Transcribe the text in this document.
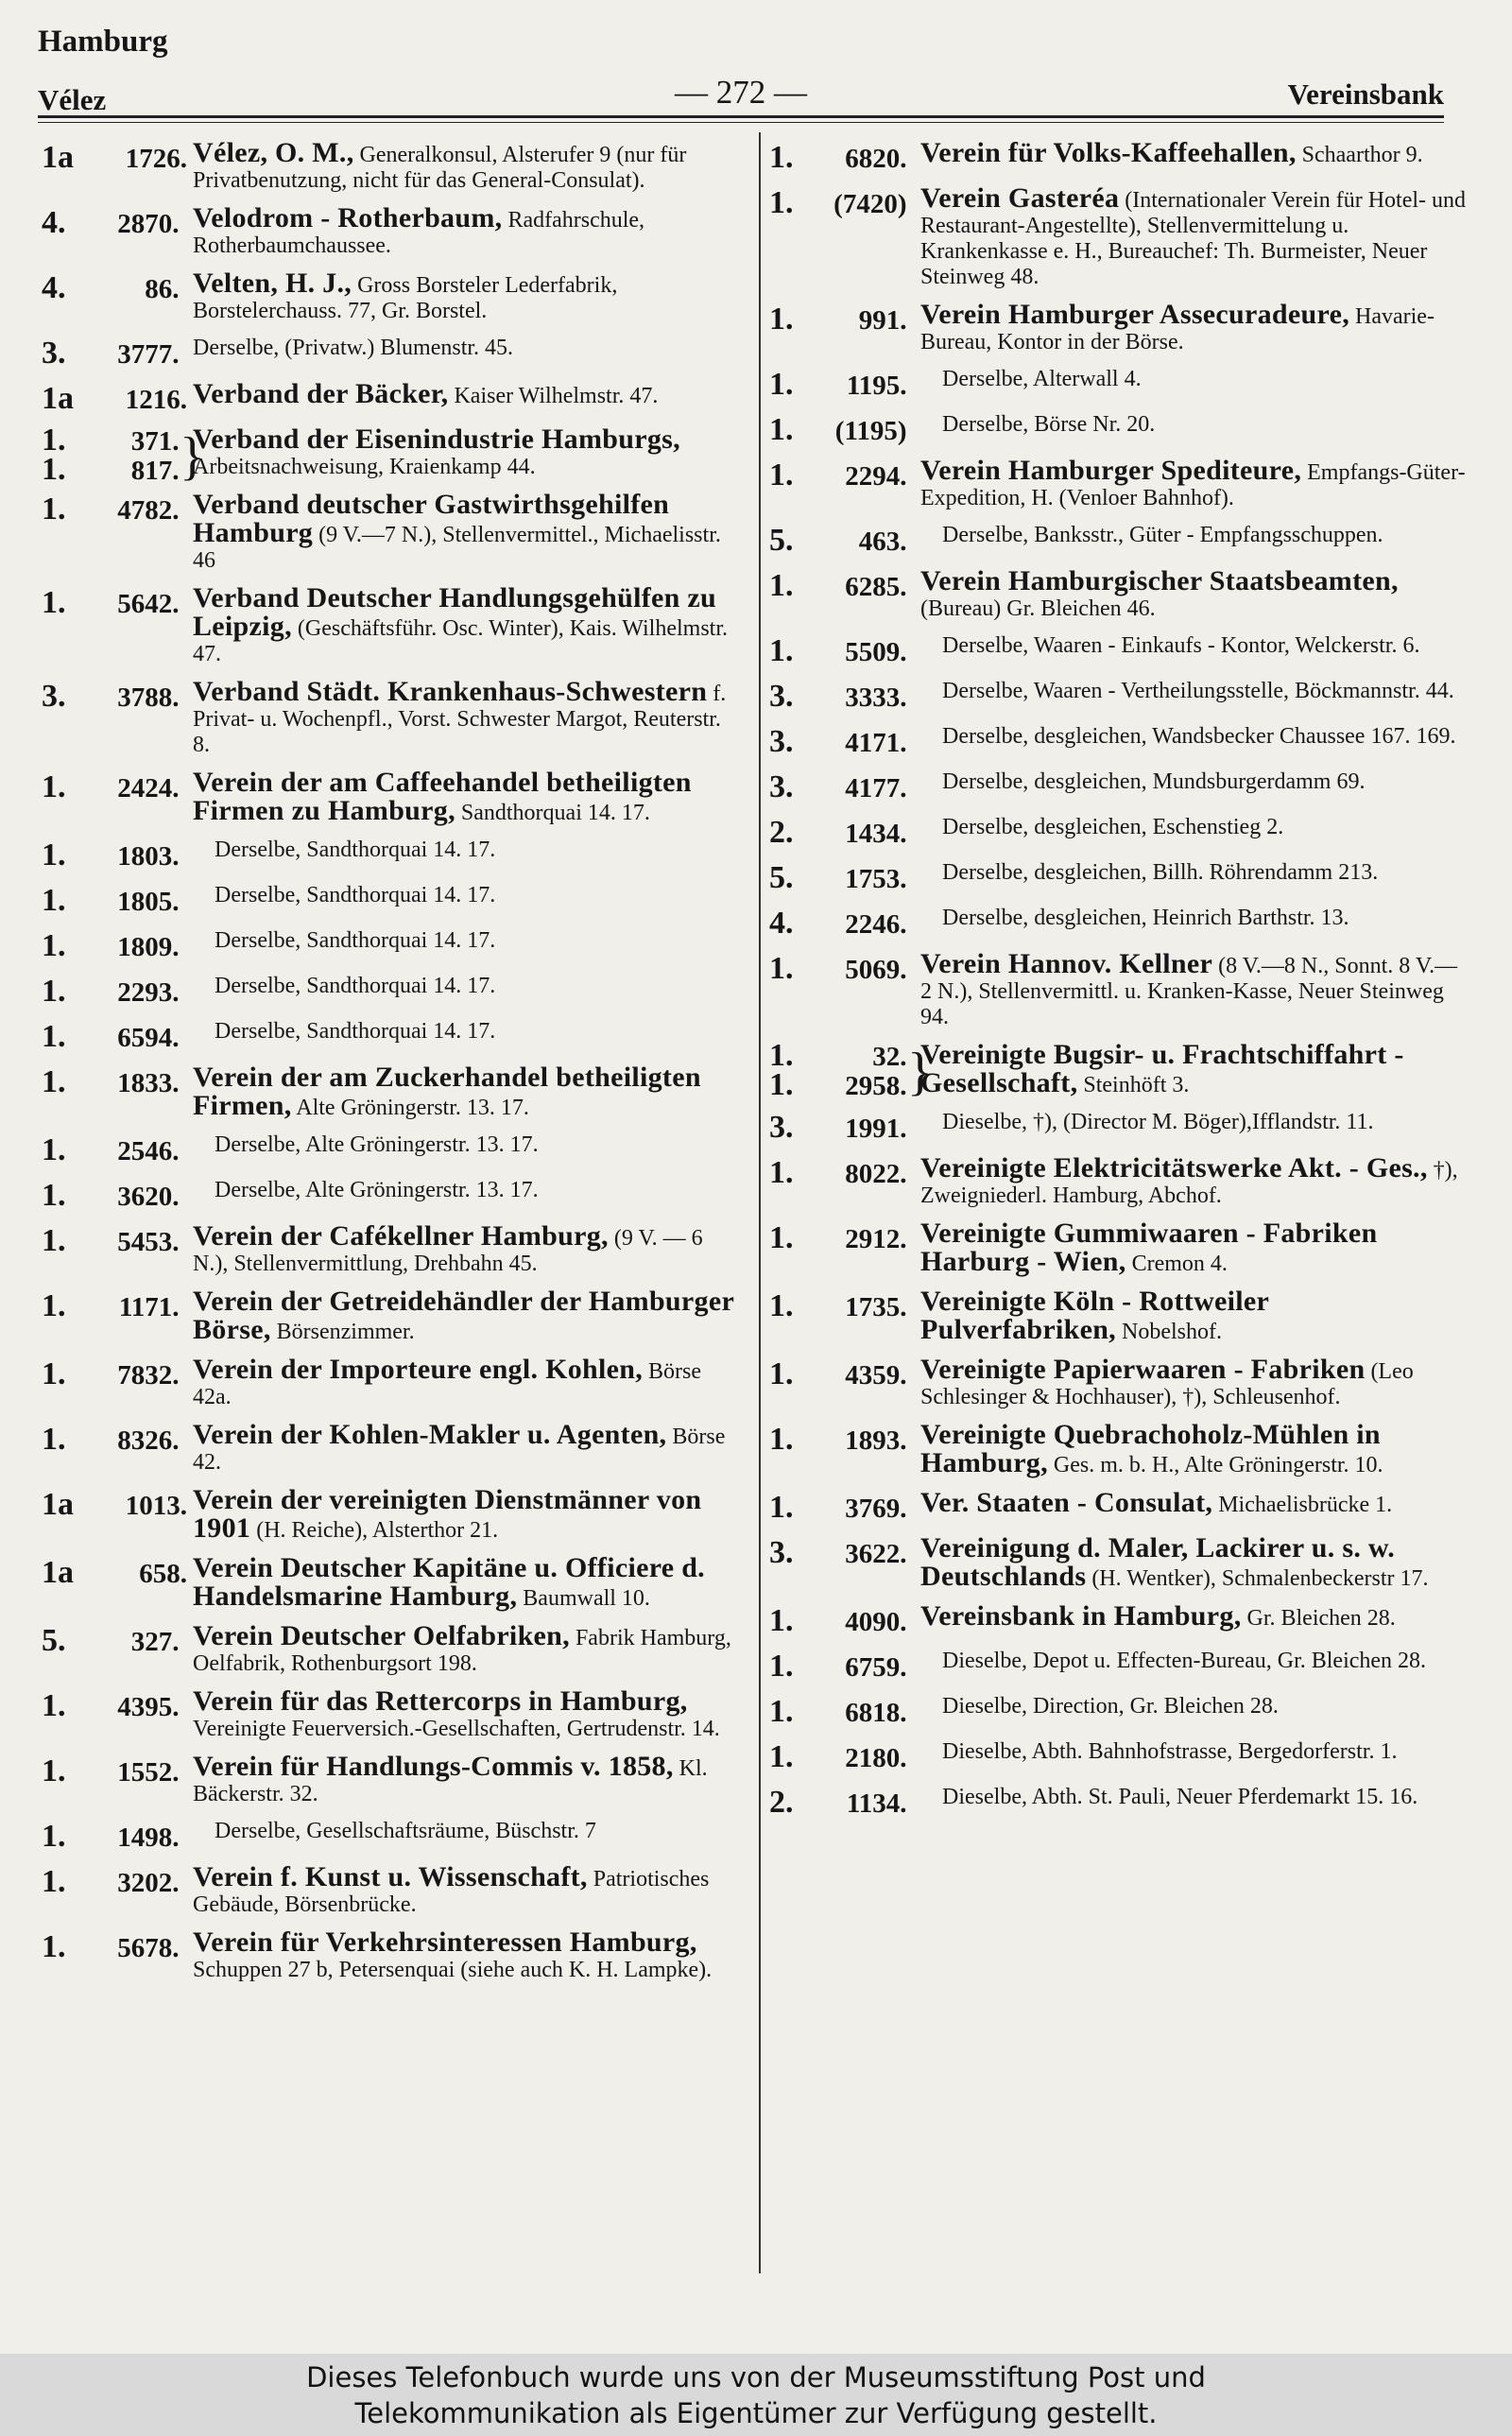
Hamburg
Vélez	— 272 —	Vereinsbank
1a 1726. Vélez, O. M., Generalkonsul, Alsterufer 9 (nur für Privatbenutzung, nicht für das General-Consulat).
4. 2870. Velodrom - Rotherbaum, Radfahrschule, Rotherbaumchaussee.
4.	86. Velten, H. J., Gross Borsteler Lederfabrik, Borstelerchauss. 77, Gr. Borstel.
3. 3777. Derselbe, (Privatw.) Blumenstr. 45.
1a 1216. Verband der Bäcker, Kaiser Wilhelmstr. 47.
1. 371.
1. 817. }
Verband der Eisenindustrie Hamburgs, Arbeitsnachweisung, Kraienkamp 44.
1. 4782. Verband deutscher Gastwirthsgehilfen Hamburg (9 V.—7 N.), Stellenvermittel., Michaelisstr. 46
1. 5642. Verband Deutscher Handlungsgehülfen zu Leipzig, (Geschäftsführ. Osc. Winter), Kais. Wilhelmstr. 47.
3. 3788. Verband Städt. Krankenhaus-Schwestern f. Privat- u. Wochenpfl., Vorst. Schwester Margot, Reuterstr. 8.
1. 2424. Verein der am Caffeehandel betheiligten Firmen zu Hamburg, Sandthorquai 14. 17.
1. 1803.	Derselbe, Sandthorquai 14. 17.
1. 1805.	Derselbe, Sandthorquai 14. 17.
1. 1809.	Derselbe, Sandthorquai 14. 17.
1. 2293.	Derselbe, Sandthorquai 14. 17.
1. 6594.	Derselbe, Sandthorquai 14. 17.
1. 1833. Verein der am Zuckerhandel betheiligten Firmen, Alte Gröningerstr. 13. 17.
1. 2546.	Derselbe, Alte Gröningerstr. 13. 17.
1. 3620.	Derselbe, Alte Gröningerstr. 13. 17.
1. 5453. Verein der Cafékellner Hamburg, (9 V. — 6 N.), Stellenvermittlung, Drehbahn 45.
1. 1171. Verein der Getreidehändler der Hamburger Börse, Börsenzimmer.
1. 7832. Verein der Importeure engl. Kohlen, Börse 42a.
1. 8326. Verein der Kohlen-Makler u. Agenten, Börse 42.
1a 1013. Verein der vereinigten Dienstmänner von 1901 (H. Reiche), Alsterthor 21.
1a 658. Verein Deutscher Kapitäne u. Officiere d. Handelsmarine Hamburg, Baumwall 10.
5. 327. Verein Deutscher Oelfabriken, Fabrik Hamburg, Oelfabrik, Rothenburgsort 198.
1. 4395. Verein für das Rettercorps in Hamburg, Vereinigte Feuerversich.-Gesellschaften, Gertrudenstr. 14.
1. 1552. Verein für Handlungs-Commis v. 1858, Kl. Bäckerstr. 32.
1. 1498.	Derselbe, Gesellschaftsräume, Büschstr. 7
1. 3202. Verein f. Kunst u. Wissenschaft, Patriotisches Gebäude, Börsenbrücke.
1. 5678. Verein für Verkehrsinteressen Hamburg, Schuppen 27 b, Petersenquai (siehe auch K. H. Lampke).
1. 6820. Verein für Volks-Kaffeehallen, Schaarthor 9.
1. (7420) Verein Gasteréa (Internationaler Verein für Hotel- und Restaurant-Angestellte), Stellenvermittelung u. Krankenkasse e. H., Bureauchef: Th. Burmeister, Neuer Steinweg 48.
1. 991. Verein Hamburger Assecuradeure, Havarie-Bureau, Kontor in der Börse.
1. 1195.	Derselbe, Alterwall 4.
1. (1195)	Derselbe, Börse Nr. 20.
1. 2294. Verein Hamburger Spediteure, Empfangs-Güter-Expedition, H. (Venloer Bahnhof).
5. 463.	Derselbe, Banksstr., Güter - Empfangsschuppen.
1. 6285. Verein Hamburgischer Staatsbeamten, (Bureau) Gr. Bleichen 46.
1. 5509.	Derselbe, Waaren - Einkaufs - Kontor, Welckerstr. 6.
3. 3333.	Derselbe, Waaren - Vertheilungsstelle, Böckmannstr. 44.
3. 4171.	Derselbe, desgleichen, Wandsbecker Chaussee 167. 169.
3. 4177.	Derselbe, desgleichen, Mundsburgerdamm 69.
2. 1434.	Derselbe, desgleichen, Eschenstieg 2.
5. 1753.	Derselbe, desgleichen, Billh. Röhrendamm 213.
4. 2246.	Derselbe, desgleichen, Heinrich Barthstr. 13.
1. 5069. Verein Hannov. Kellner (8 V.—8 N., Sonnt. 8 V.— 2 N.), Stellenvermittl. u. Kranken-Kasse, Neuer Steinweg 94.
1.	32.
1. 2958. }
Vereinigte Bugsir- u. Frachtschiffahrt - Gesellschaft, Steinhöft 3.
3. 1991.	Dieselbe, †), (Director M. Böger),Ifflandstr. 11.
1. 8022. Vereinigte Elektricitätswerke Akt. - Ges., †), Zweigniederl. Hamburg, Abchof.
1. 2912. Vereinigte Gummiwaaren - Fabriken Harburg - Wien, Cremon 4.
1. 1735. Vereinigte Köln - Rottweiler Pulverfabriken, Nobelshof.
1. 4359. Vereinigte Papierwaaren - Fabriken (Leo Schlesinger & Hochhauser), †), Schleusenhof.
1. 1893. Vereinigte Quebrachoholz-Mühlen in Hamburg, Ges. m. b. H., Alte Gröningerstr. 10.
1. 3769. Ver. Staaten - Consulat, Michaelisbrücke 1.
3. 3622. Vereinigung d. Maler, Lackirer u. s. w. Deutschlands (H. Wentker), Schmalenbeckerstr 17.
1. 4090. Vereinsbank in Hamburg, Gr. Bleichen 28.
1. 6759.	Dieselbe, Depot u. Effecten-Bureau, Gr. Bleichen 28.
1. 6818.	Dieselbe, Direction, Gr. Bleichen 28.
1. 2180.	Dieselbe, Abth. Bahnhofstrasse, Bergedorferstr. 1.
2. 1134.	Dieselbe, Abth. St. Pauli, Neuer Pferdemarkt 15. 16.
Dieses Telefonbuch wurde uns von der Museumsstiftung Post und
Telekommunikation als Eigentümer zur Verfügung gestellt.
